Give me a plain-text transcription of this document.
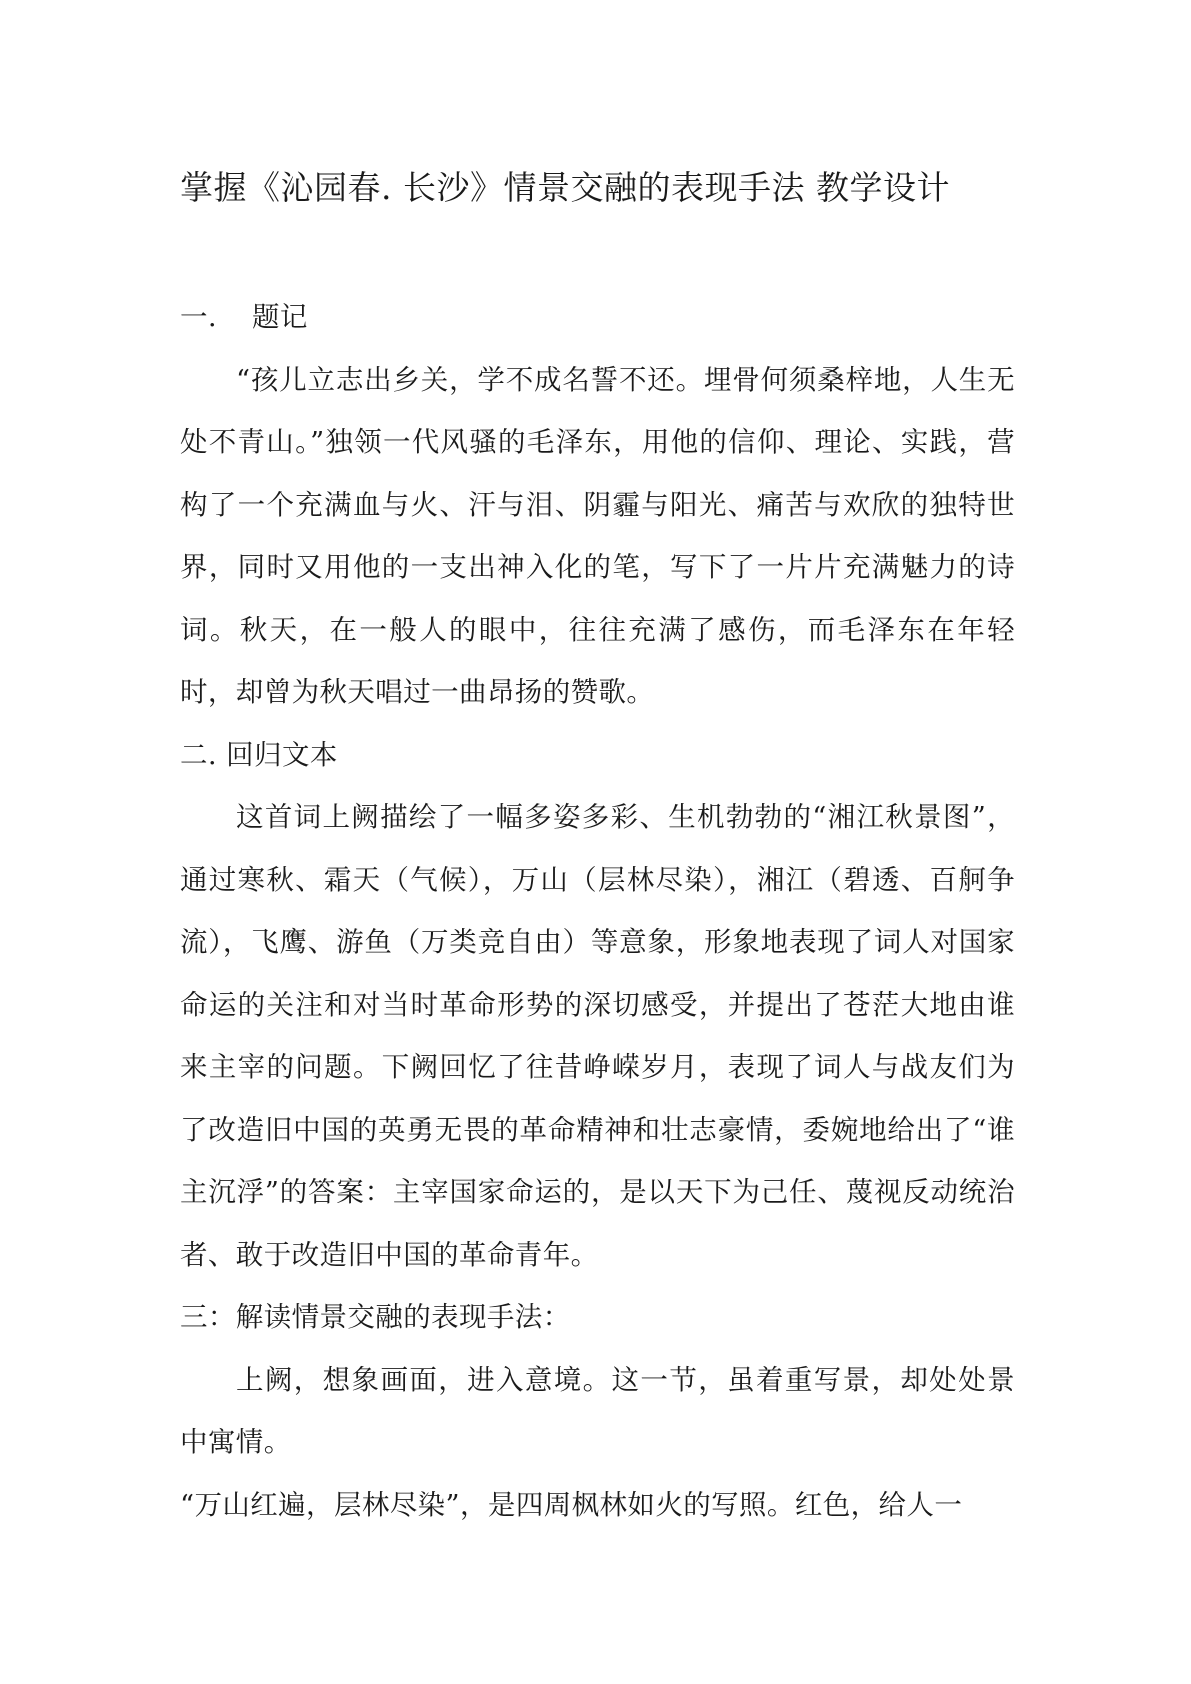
掌握《沁园春. 长沙》情景交融的表现手法 教学设计
一. 题记

“孩儿立志出乡关，学不成名誓不还。埋骨何须桑梓地，人生无处不青山。”独领一代风骚的毛泽东，用他的信仰、理论、实践，营构了一个充满血与火、汗与泪、阴霾与阳光、痛苦与欢欣的独特世界，同时又用他的一支出神入化的笔，写下了一片片充满魅力的诗词。秋天，在一般人的眼中，往往充满了感伤，而毛泽东在年轻时，却曾为秋天唱过一曲昂扬的赞歌。

二. 回归文本

这首词上阙描绘了一幅多姿多彩、生机勃勃的“湘江秋景图”，通过寒秋、霜天（气候），万山（层林尽染），湘江（碧透、百舸争流），飞鹰、游鱼（万类竞自由）等意象，形象地表现了词人对国家命运的关注和对当时革命形势的深切感受，并提出了苍茫大地由谁来主宰的问题。下阙回忆了往昔峥嵘岁月，表现了词人与战友们为了改造旧中国的英勇无畏的革命精神和壮志豪情，委婉地给出了“谁主沉浮”的答案：主宰国家命运的，是以天下为己任、蔑视反动统治者、敢于改造旧中国的革命青年。

三：解读情景交融的表现手法：

上阙，想象画面，进入意境。这一节，虽着重写景，却处处景中寓情。

“万山红遍，层林尽染”，是四周枫林如火的写照。红色，给人一
